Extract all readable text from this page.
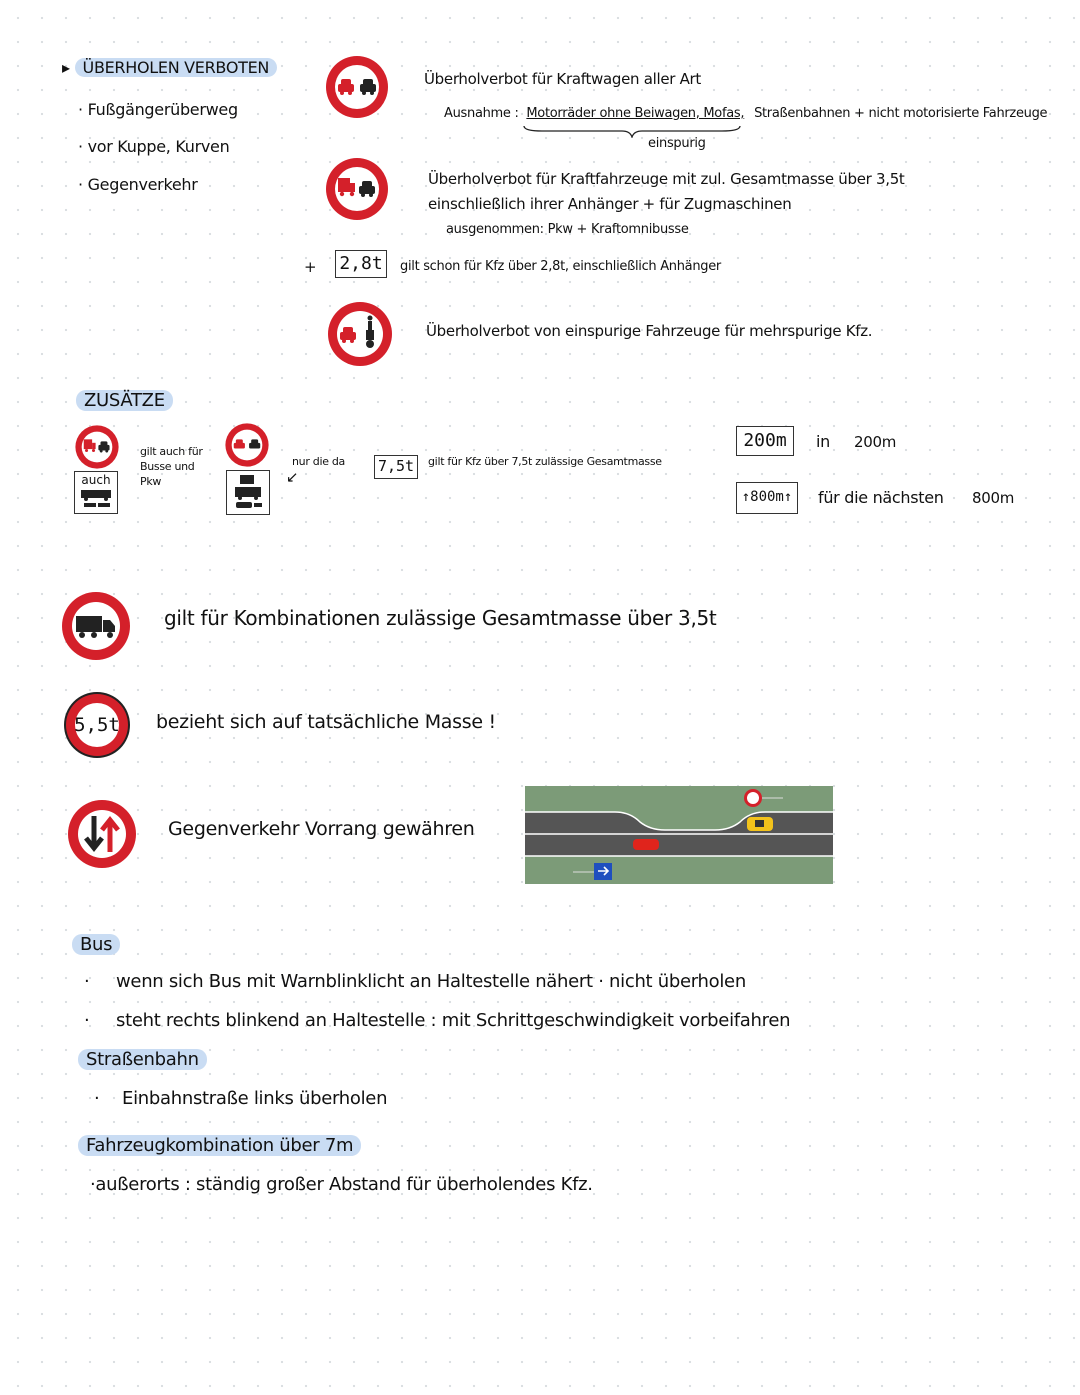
▸ ÜBERHOLEN VERBOTEN
· Fußgängerüberweg
· vor Kuppe, Kurven
· Gegenverkehr
Überholverbot für Kraftwagen aller Art
Ausnahme : Motorräder ohne Beiwagen, Mofas, Straßenbahnen + nicht motorisierte Fahrzeuge
einspurig
Überholverbot für Kraftfahrzeuge mit zul. Gesamtmasse über 3,5t
einschließlich ihrer Anhänger + für Zugmaschinen
ausgenommen: Pkw + Kraftomnibusse
+ 2,8t	gilt schon für Kfz über 2,8t, einschließlich Anhänger
Überholverbot von einspurige Fahrzeuge für mehrspurige Kfz.
ZUSÄTZE
auch
gilt auch für
Busse und
Pkw
nur die da
↙
7,5t	gilt für Kfz über 7,5t zulässige Gesamtmasse
200m	in 200m
↑800m↑	für die nächsten 800m
gilt für Kombinationen zulässige Gesamtmasse über 3,5t
5,5t	bezieht sich auf tatsächliche Masse !
Gegenverkehr Vorrang gewähren
Bus
· wenn sich Bus mit Warnblinklicht an Haltestelle nähert · nicht überholen
· steht rechts blinkend an Haltestelle : mit Schrittgeschwindigkeit vorbeifahren
Straßenbahn
· Einbahnstraße links überholen
Fahrzeugkombination über 7m
·außerorts : ständig großer Abstand für überholendes Kfz.
